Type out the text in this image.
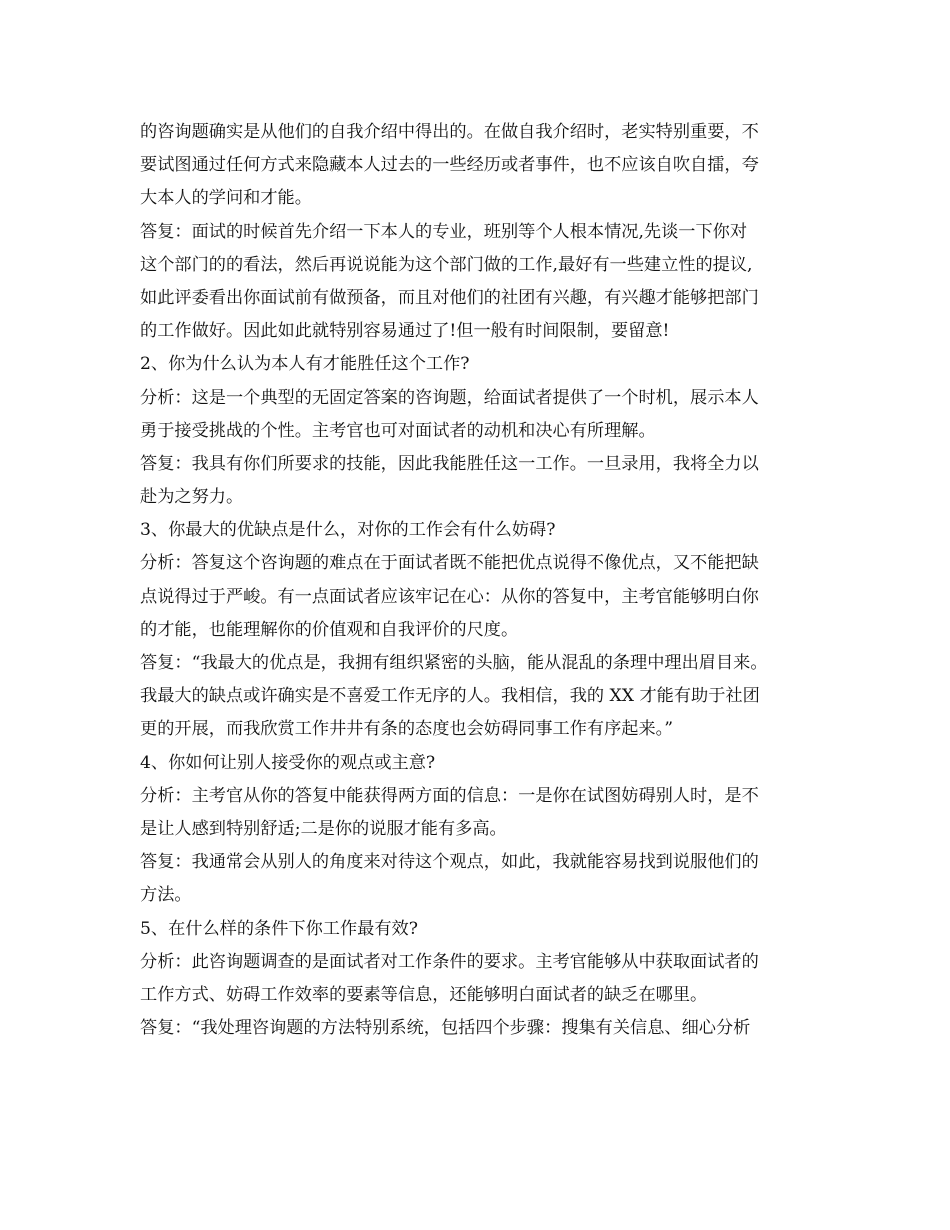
的咨询题确实是从他们的自我介绍中得出的。在做自我介绍时，老实特别重要，不
要试图通过任何方式来隐藏本人过去的一些经历或者事件，也不应该自吹自擂，夸
大本人的学问和才能。
答复：面试的时候首先介绍一下本人的专业，班别等个人根本情况,先谈一下你对
这个部门的的看法，然后再说说能为这个部门做的工作,最好有一些建立性的提议,
如此评委看出你面试前有做预备，而且对他们的社团有兴趣，有兴趣才能够把部门
的工作做好。因此如此就特别容易通过了!但一般有时间限制，要留意!
2、你为什么认为本人有才能胜任这个工作?
分析：这是一个典型的无固定答案的咨询题，给面试者提供了一个时机，展示本人
勇于接受挑战的个性。主考官也可对面试者的动机和决心有所理解。
答复：我具有你们所要求的技能，因此我能胜任这一工作。一旦录用，我将全力以
赴为之努力。
3、你最大的优缺点是什么，对你的工作会有什么妨碍?
分析：答复这个咨询题的难点在于面试者既不能把优点说得不像优点，又不能把缺
点说得过于严峻。有一点面试者应该牢记在心：从你的答复中，主考官能够明白你
的才能，也能理解你的价值观和自我评价的尺度。
答复：“我最大的优点是，我拥有组织紧密的头脑，能从混乱的条理中理出眉目来。
我最大的缺点或许确实是不喜爱工作无序的人。我相信，我的 XX 才能有助于社团
更的开展，而我欣赏工作井井有条的态度也会妨碍同事工作有序起来。”
4、你如何让别人接受你的观点或主意?
分析：主考官从你的答复中能获得两方面的信息：一是你在试图妨碍别人时，是不
是让人感到特别舒适;二是你的说服才能有多高。
答复：我通常会从别人的角度来对待这个观点，如此，我就能容易找到说服他们的
方法。
5、在什么样的条件下你工作最有效?
分析：此咨询题调查的是面试者对工作条件的要求。主考官能够从中获取面试者的
工作方式、妨碍工作效率的要素等信息，还能够明白面试者的缺乏在哪里。
答复：“我处理咨询题的方法特别系统，包括四个步骤：搜集有关信息、细心分析
